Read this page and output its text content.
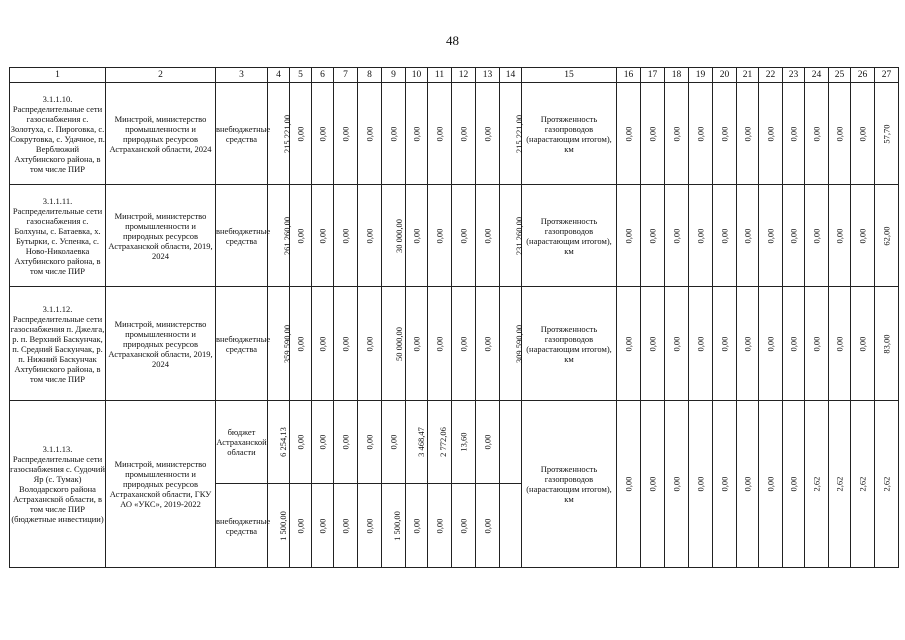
48
1	2	3	4	5	6	7	8	9	10	11	12	13	14	15	16	17	18	19	20	21	22	23	24	25	26	27
3.1.1.10. Распределительные сети газоснабжения с. Золотуха, с. Пироговка, с. Сокрутовка, с. Удачное, п. Верблюжий Ахтубинского района, в том числе ПИР	Минстрой, министерство промышленности и природных ресурсов Астраханской области, 2024	внебюджетные средства	215 221,00	0,00	0,00	0,00	0,00	0,00	0,00	0,00	0,00	0,00	215 221,00	Протяженность газопроводов (нарастающим итогом), км	0,00	0,00	0,00	0,00	0,00	0,00	0,00	0,00	0,00	0,00	0,00	57,70
3.1.1.11. Распределительные сети газоснабжения с. Болхуны, с. Батаевка, х. Бутырки, с. Успенка, с. Ново-Николаевка Ахтубинского района, в том числе ПИР	Минстрой, министерство промышленности и природных ресурсов Астраханской области, 2019, 2024	внебюджетные средства	261 260,00	0,00	0,00	0,00	0,00	30 000,00	0,00	0,00	0,00	0,00	231 260,00	Протяженность газопроводов (нарастающим итогом), км	0,00	0,00	0,00	0,00	0,00	0,00	0,00	0,00	0,00	0,00	0,00	62,00
3.1.1.12. Распределительные сети газоснабжения п. Джелга, р. п. Верхний Баскунчак, п. Средний Баскунчак, р. п. Нижний Баскунчак Ахтубинского района, в том числе ПИР	Минстрой, министерство промышленности и природных ресурсов Астраханской области, 2019, 2024	внебюджетные средства	359 590,00	0,00	0,00	0,00	0,00	50 000,00	0,00	0,00	0,00	0,00	309 590,00	Протяженность газопроводов (нарастающим итогом), км	0,00	0,00	0,00	0,00	0,00	0,00	0,00	0,00	0,00	0,00	0,00	83,00
3.1.1.13. Распределительные сети газоснабжения с. Судочий Яр (с. Тумак) Володарского района Астраханской области, в том числе ПИР (бюджетные инвестиции)	Минстрой, министерство промышленности и природных ресурсов Астраханской области, ГКУ АО «УКС», 2019-2022	бюджет Астраханской области	6 254,13	0,00	0,00	0,00	0,00	0,00	3 468,47	2 772,06	13,60	0,00		Протяженность газопроводов (нарастающим итогом), км	0,00	0,00	0,00	0,00	0,00	0,00	0,00	0,00	2,62	2,62	2,62	2,62
		внебюджетные средства	1 500,00	0,00	0,00	0,00	0,00	1 500,00	0,00	0,00	0,00	0,00														
